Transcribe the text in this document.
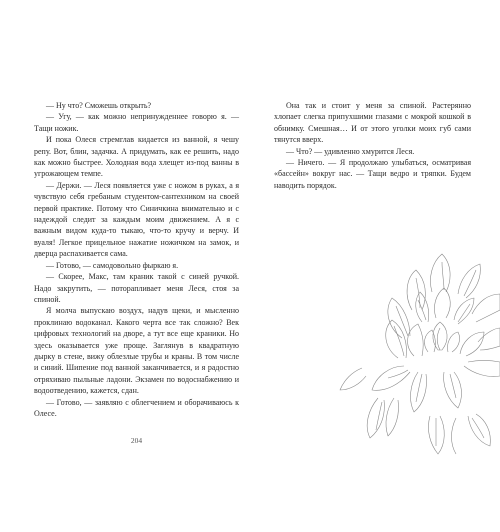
— Ну что? Сможешь открыть?

— Угу, — как можно непринужденнее говорю я. — Тащи ножик.

И пока Олеся стремглав кидается из ванной, я чешу репу. Вот, блин, задачка. А придумать, как ее решить, надо как можно быстрее. Холодная вода хлещет из-под ванны в угрожающем темпе.

— Держи. — Леся появляется уже с ножом в руках, а я чувствую себя гребаным студентом-сантехником на своей первой практике. Потому что Синичкина внимательно и с надеждой следит за каждым моим движением. А я с важным видом куда-то тыкаю, что-то кручу и верчу. И вуаля! Легкое прицельное нажатие ножичком на замок, и дверца распахивается сама.

— Готово, — самодовольно фыркаю я.

— Скорее, Макс, там краник такой с синей ручкой. Надо закрутить, — поторапливает меня Леся, стоя за спиной.

Я молча выпускаю воздух, надув щеки, и мысленно проклинаю водоканал. Какого черта все так сложно? Век цифровых технологий на дворе, а тут все еще краники. Но здесь оказывается уже проще. Заглянув в квадратную дырку в стене, вижу облезлые трубы и краны. В том числе и синий. Шипение под ванной заканчивается, и я радостно отряхиваю пыльные ладони. Экзамен по водоснабжению и водоотведению, кажется, сдан.

— Готово, — заявляю с облегчением и оборачиваюсь к Олесе.

204

Она так и стоит у меня за спиной. Растерянно хлопает слегка припухшими глазами с мокрой кошкой в обнимку. Смешная… И от этого уголки моих губ сами тянутся вверх.

— Что? — удивленно хмурится Леся.

— Ничего. — Я продолжаю улыбаться, осматривая «бассейн» вокруг нас. — Тащи ведро и тряпки. Будем наводить порядок.
